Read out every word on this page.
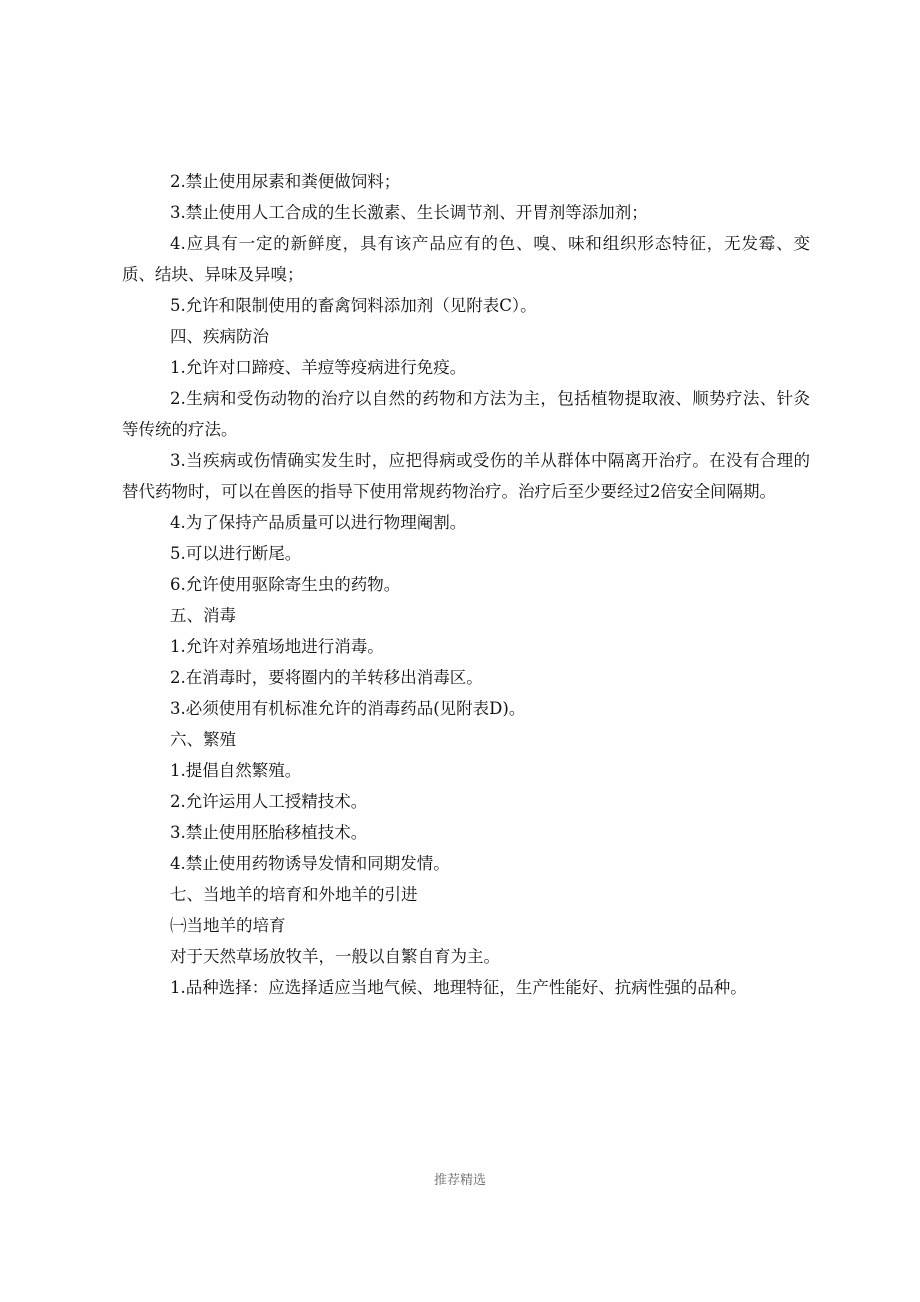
2.禁止使用尿素和粪便做饲料；

3.禁止使用人工合成的生长激素、生长调节剂、开胃剂等添加剂；

4.应具有一定的新鲜度，具有该产品应有的色、嗅、味和组织形态特征，无发霉、变质、结块、异味及异嗅；

5.允许和限制使用的畜禽饲料添加剂（见附表C）。

四、疾病防治

1.允许对口蹄疫、羊痘等疫病进行免疫。

2.生病和受伤动物的治疗以自然的药物和方法为主，包括植物提取液、顺势疗法、针灸等传统的疗法。

3.当疾病或伤情确实发生时，应把得病或受伤的羊从群体中隔离开治疗。在没有合理的替代药物时，可以在兽医的指导下使用常规药物治疗。治疗后至少要经过2倍安全间隔期。

4.为了保持产品质量可以进行物理阉割。

5.可以进行断尾。

6.允许使用驱除寄生虫的药物。

五、消毒

1.允许对养殖场地进行消毒。

2.在消毒时，要将圈内的羊转移出消毒区。

3.必须使用有机标准允许的消毒药品(见附表D)。

六、繁殖

1.提倡自然繁殖。

2.允许运用人工授精技术。

3.禁止使用胚胎移植技术。

4.禁止使用药物诱导发情和同期发情。

七、当地羊的培育和外地羊的引进

㈠当地羊的培育

对于天然草场放牧羊，一般以自繁自育为主。

1.品种选择：应选择适应当地气候、地理特征，生产性能好、抗病性强的品种。

推荐精选
